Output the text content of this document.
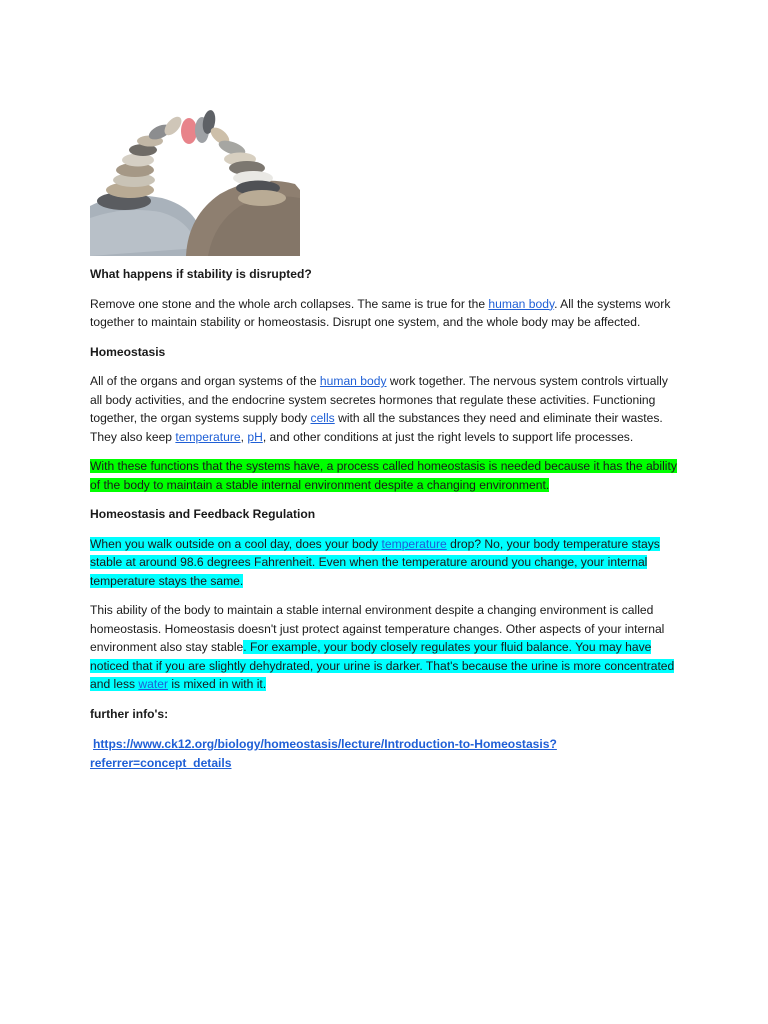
What happens if stability is disrupted?

Remove one stone and the whole arch collapses. The same is true for the human body. All the systems work together to maintain stability or homeostasis. Disrupt one system, and the whole body may be affected.

Homeostasis

All of the organs and organ systems of the human body work together. The nervous system controls virtually all body activities, and the endocrine system secretes hormones that regulate these activities. Functioning together, the organ systems supply body cells with all the substances they need and eliminate their wastes. They also keep temperature, pH, and other conditions at just the right levels to support life processes.

With these functions that the systems have, a process called homeostasis is needed because it has the ability of the body to maintain a stable internal environment despite a changing environment.

Homeostasis and Feedback Regulation

When you walk outside on a cool day, does your body temperature drop? No, your body temperature stays stable at around 98.6 degrees Fahrenheit. Even when the temperature around you change, your internal temperature stays the same.

This ability of the body to maintain a stable internal environment despite a changing environment is called homeostasis. Homeostasis doesn't just protect against temperature changes. Other aspects of your internal environment also stay stable. For example, your body closely regulates your fluid balance. You may have noticed that if you are slightly dehydrated, your urine is darker. That's because the urine is more concentrated and less water is mixed in with it.

further info's:

https://www.ck12.org/biology/homeostasis/lecture/Introduction-to-Homeostasis?
referrer=concept_details
